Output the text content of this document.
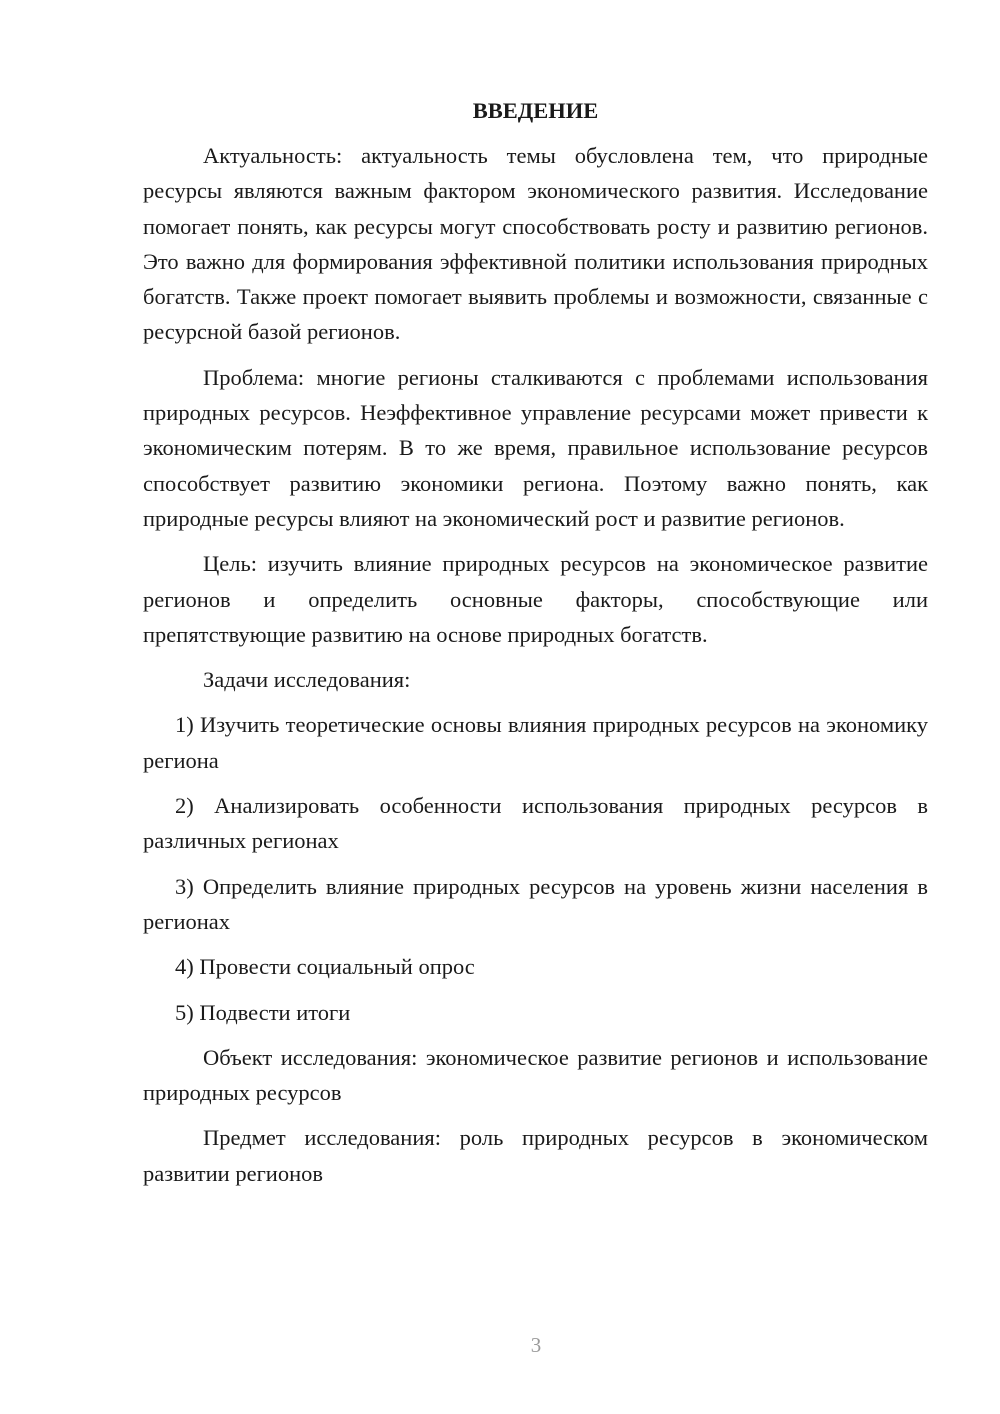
ВВЕДЕНИЕ

Актуальность: актуальность темы обусловлена тем, что природные ресурсы являются важным фактором экономического развития. Исследование помогает понять, как ресурсы могут способствовать росту и развитию регионов. Это важно для формирования эффективной политики использования природных богатств. Также проект помогает выявить проблемы и возможности, связанные с ресурсной базой регионов.

Проблема: многие регионы сталкиваются с проблемами использования природных ресурсов. Неэффективное управление ресурсами может привести к экономическим потерям. В то же время, правильное использование ресурсов способствует развитию экономики региона. Поэтому важно понять, как природные ресурсы влияют на экономический рост и развитие регионов.

Цель: изучить влияние природных ресурсов на экономическое развитие регионов и определить основные факторы, способствующие или препятствующие развитию на основе природных богатств.

Задачи исследования:

1) Изучить теоретические основы влияния природных ресурсов на экономику региона

2) Анализировать особенности использования природных ресурсов в различных регионах

3) Определить влияние природных ресурсов на уровень жизни населения в регионах

4) Провести социальный опрос

5) Подвести итоги

Объект исследования: экономическое развитие регионов и использование природных ресурсов

Предмет исследования: роль природных ресурсов в экономическом развитии регионов

3
